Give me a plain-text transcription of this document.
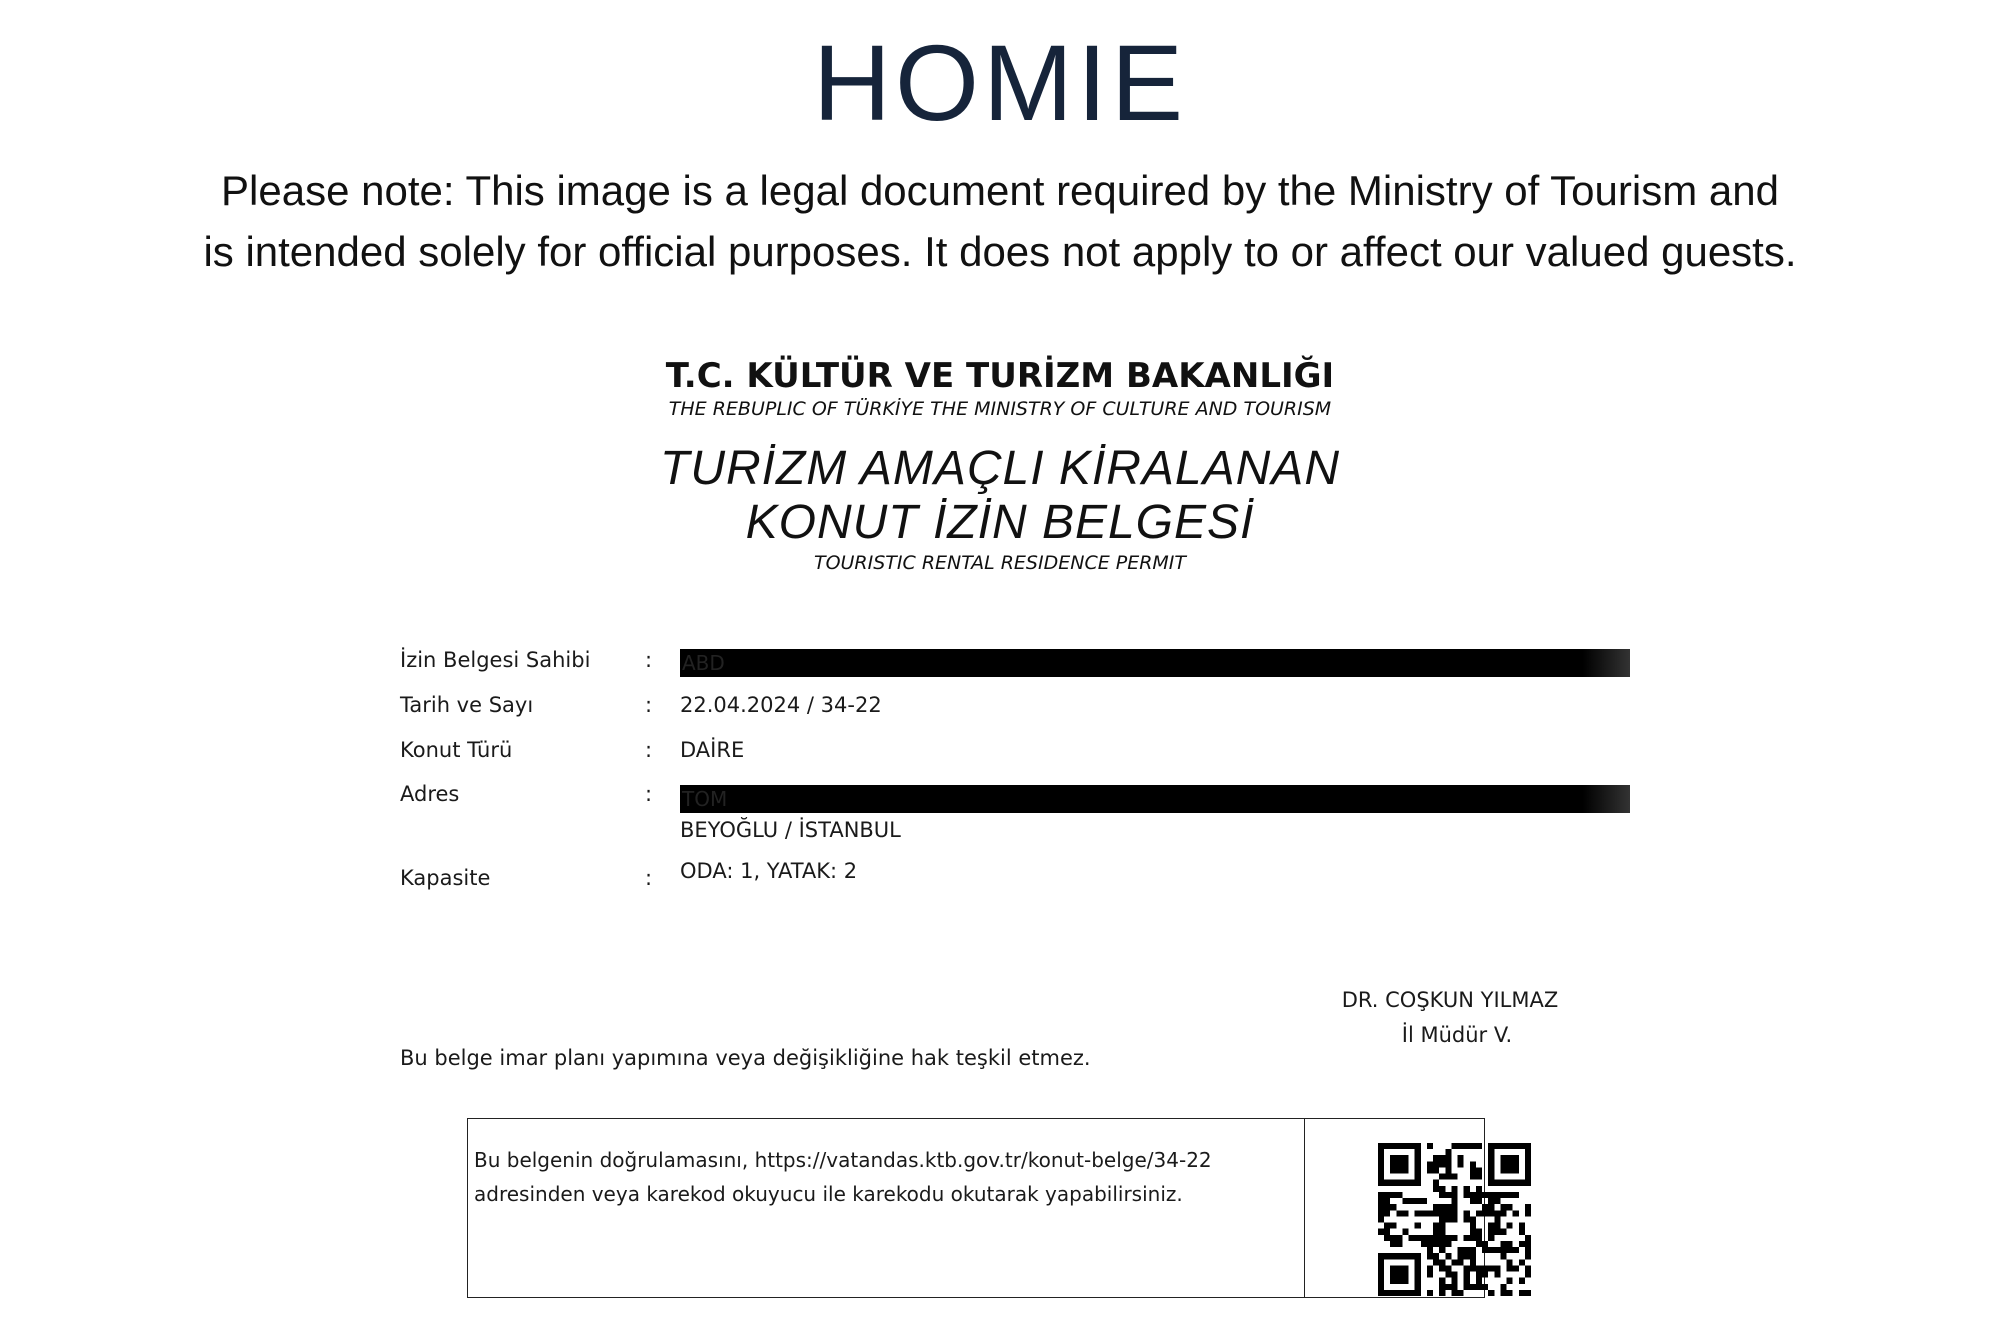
HOMIE
Please note: This image is a legal document required by the Ministry of Tourism and
is intended solely for official purposes. It does not apply to or affect our valued guests.
T.C. KÜLTÜR VE TURİZM BAKANLIĞI
THE REBUPLIC OF TÜRKİYE THE MINISTRY OF CULTURE AND TOURISM
TURİZM AMAÇLI KİRALANAN
KONUT İZİN BELGESİ
TOURISTIC RENTAL RESIDENCE PERMIT
İzin Belgesi Sahibi	: ABD
Tarih ve Sayı	: 22.04.2024 / 34-22
Konut Türü	: DAİRE
Adres	: TOM
BEYOĞLU / İSTANBUL
Kapasite	: ODA: 1, YATAK: 2
DR. COŞKUN YILMAZ
İl Müdür V.
Bu belge imar planı yapımına veya değişikliğine hak teşkil etmez.
Bu belgenin doğrulamasını, https://vatandas.ktb.gov.tr/konut-belge/34-22
adresinden veya karekod okuyucu ile karekodu okutarak yapabilirsiniz.
